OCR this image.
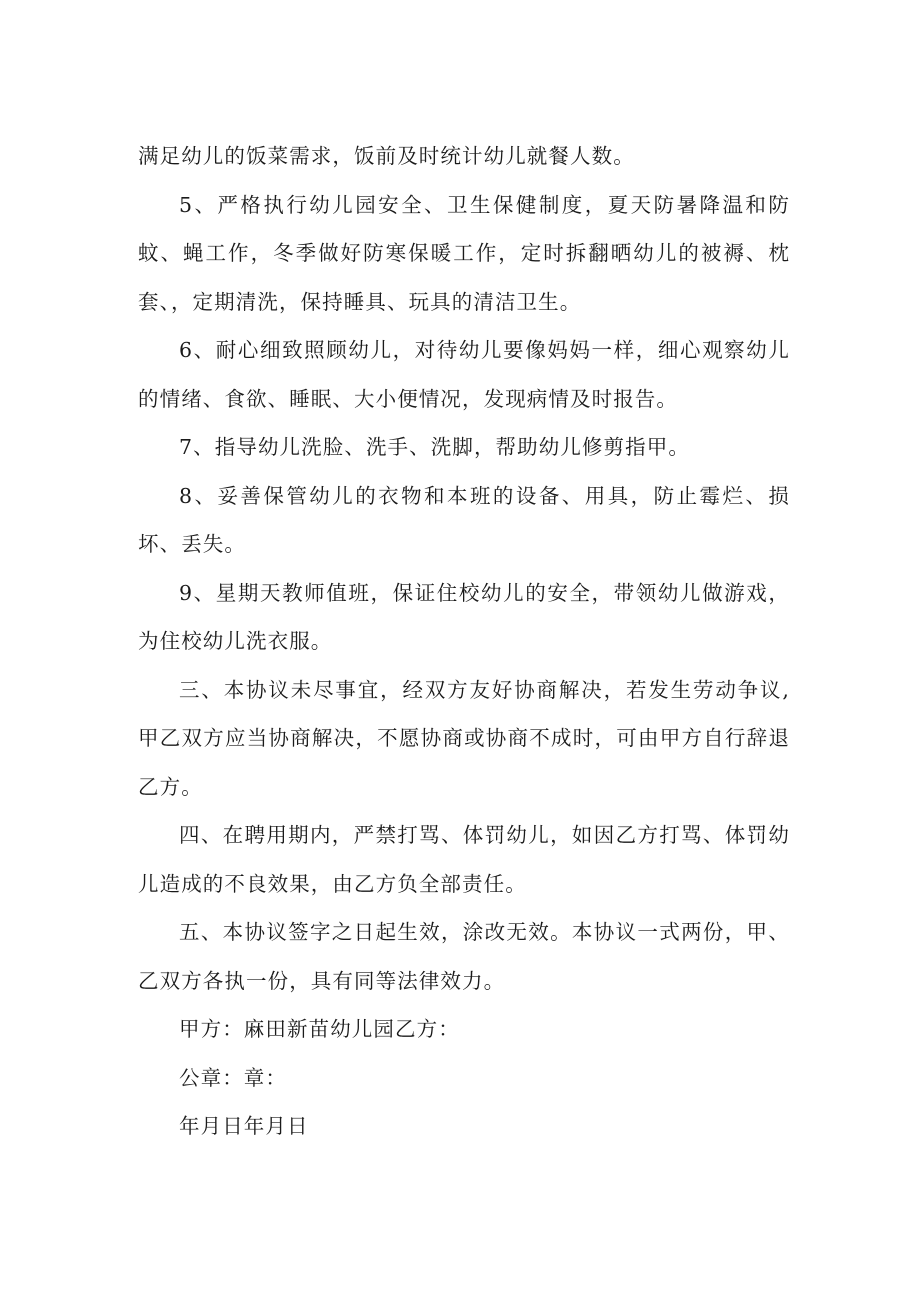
满足幼儿的饭菜需求，饭前及时统计幼儿就餐人数。

5、严格执行幼儿园安全、卫生保健制度，夏天防暑降温和防蚊、蝇工作，冬季做好防寒保暖工作，定时拆翻晒幼儿的被褥、枕套、，定期清洗，保持睡具、玩具的清洁卫生。

6、耐心细致照顾幼儿，对待幼儿要像妈妈一样，细心观察幼儿的情绪、食欲、睡眠、大小便情况，发现病情及时报告。

7、指导幼儿洗脸、洗手、洗脚，帮助幼儿修剪指甲。

8、妥善保管幼儿的衣物和本班的设备、用具，防止霉烂、损坏、丢失。

9、星期天教师值班，保证住校幼儿的安全，带领幼儿做游戏，为住校幼儿洗衣服。

三、本协议未尽事宜，经双方友好协商解决，若发生劳动争议,甲乙双方应当协商解决，不愿协商或协商不成时，可由甲方自行辞退乙方。

四、在聘用期内，严禁打骂、体罚幼儿，如因乙方打骂、体罚幼儿造成的不良效果，由乙方负全部责任。

五、本协议签字之日起生效，涂改无效。本协议一式两份，甲、乙双方各执一份，具有同等法律效力。

甲方：麻田新苗幼儿园乙方：

公章：章：

年月日年月日
